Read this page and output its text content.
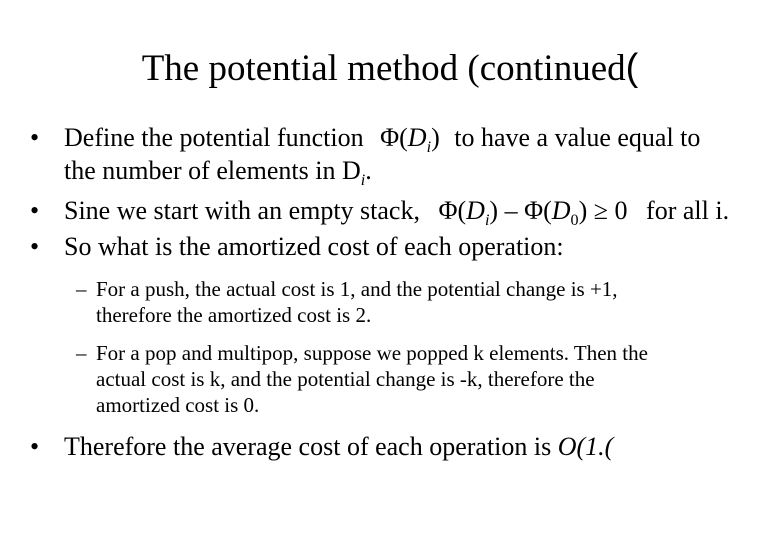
The potential method (continued(
• Define the potential function $\Phi(D_i)$ to have a value equal to
the number of elements in $D_i$.
• Sine we start with an empty stack, $\Phi(D_i) - \Phi(D_0) \ge 0$ for all i.
• So what is the amortized cost of each operation:
– For a push, the actual cost is 1, and the potential change is +1,
therefore the amortized cost is 2.
– For a pop and multipop, suppose we popped k elements. Then the
actual cost is k, and the potential change is -k, therefore the
amortized cost is 0.
• Therefore the average cost of each operation is O(1.(
